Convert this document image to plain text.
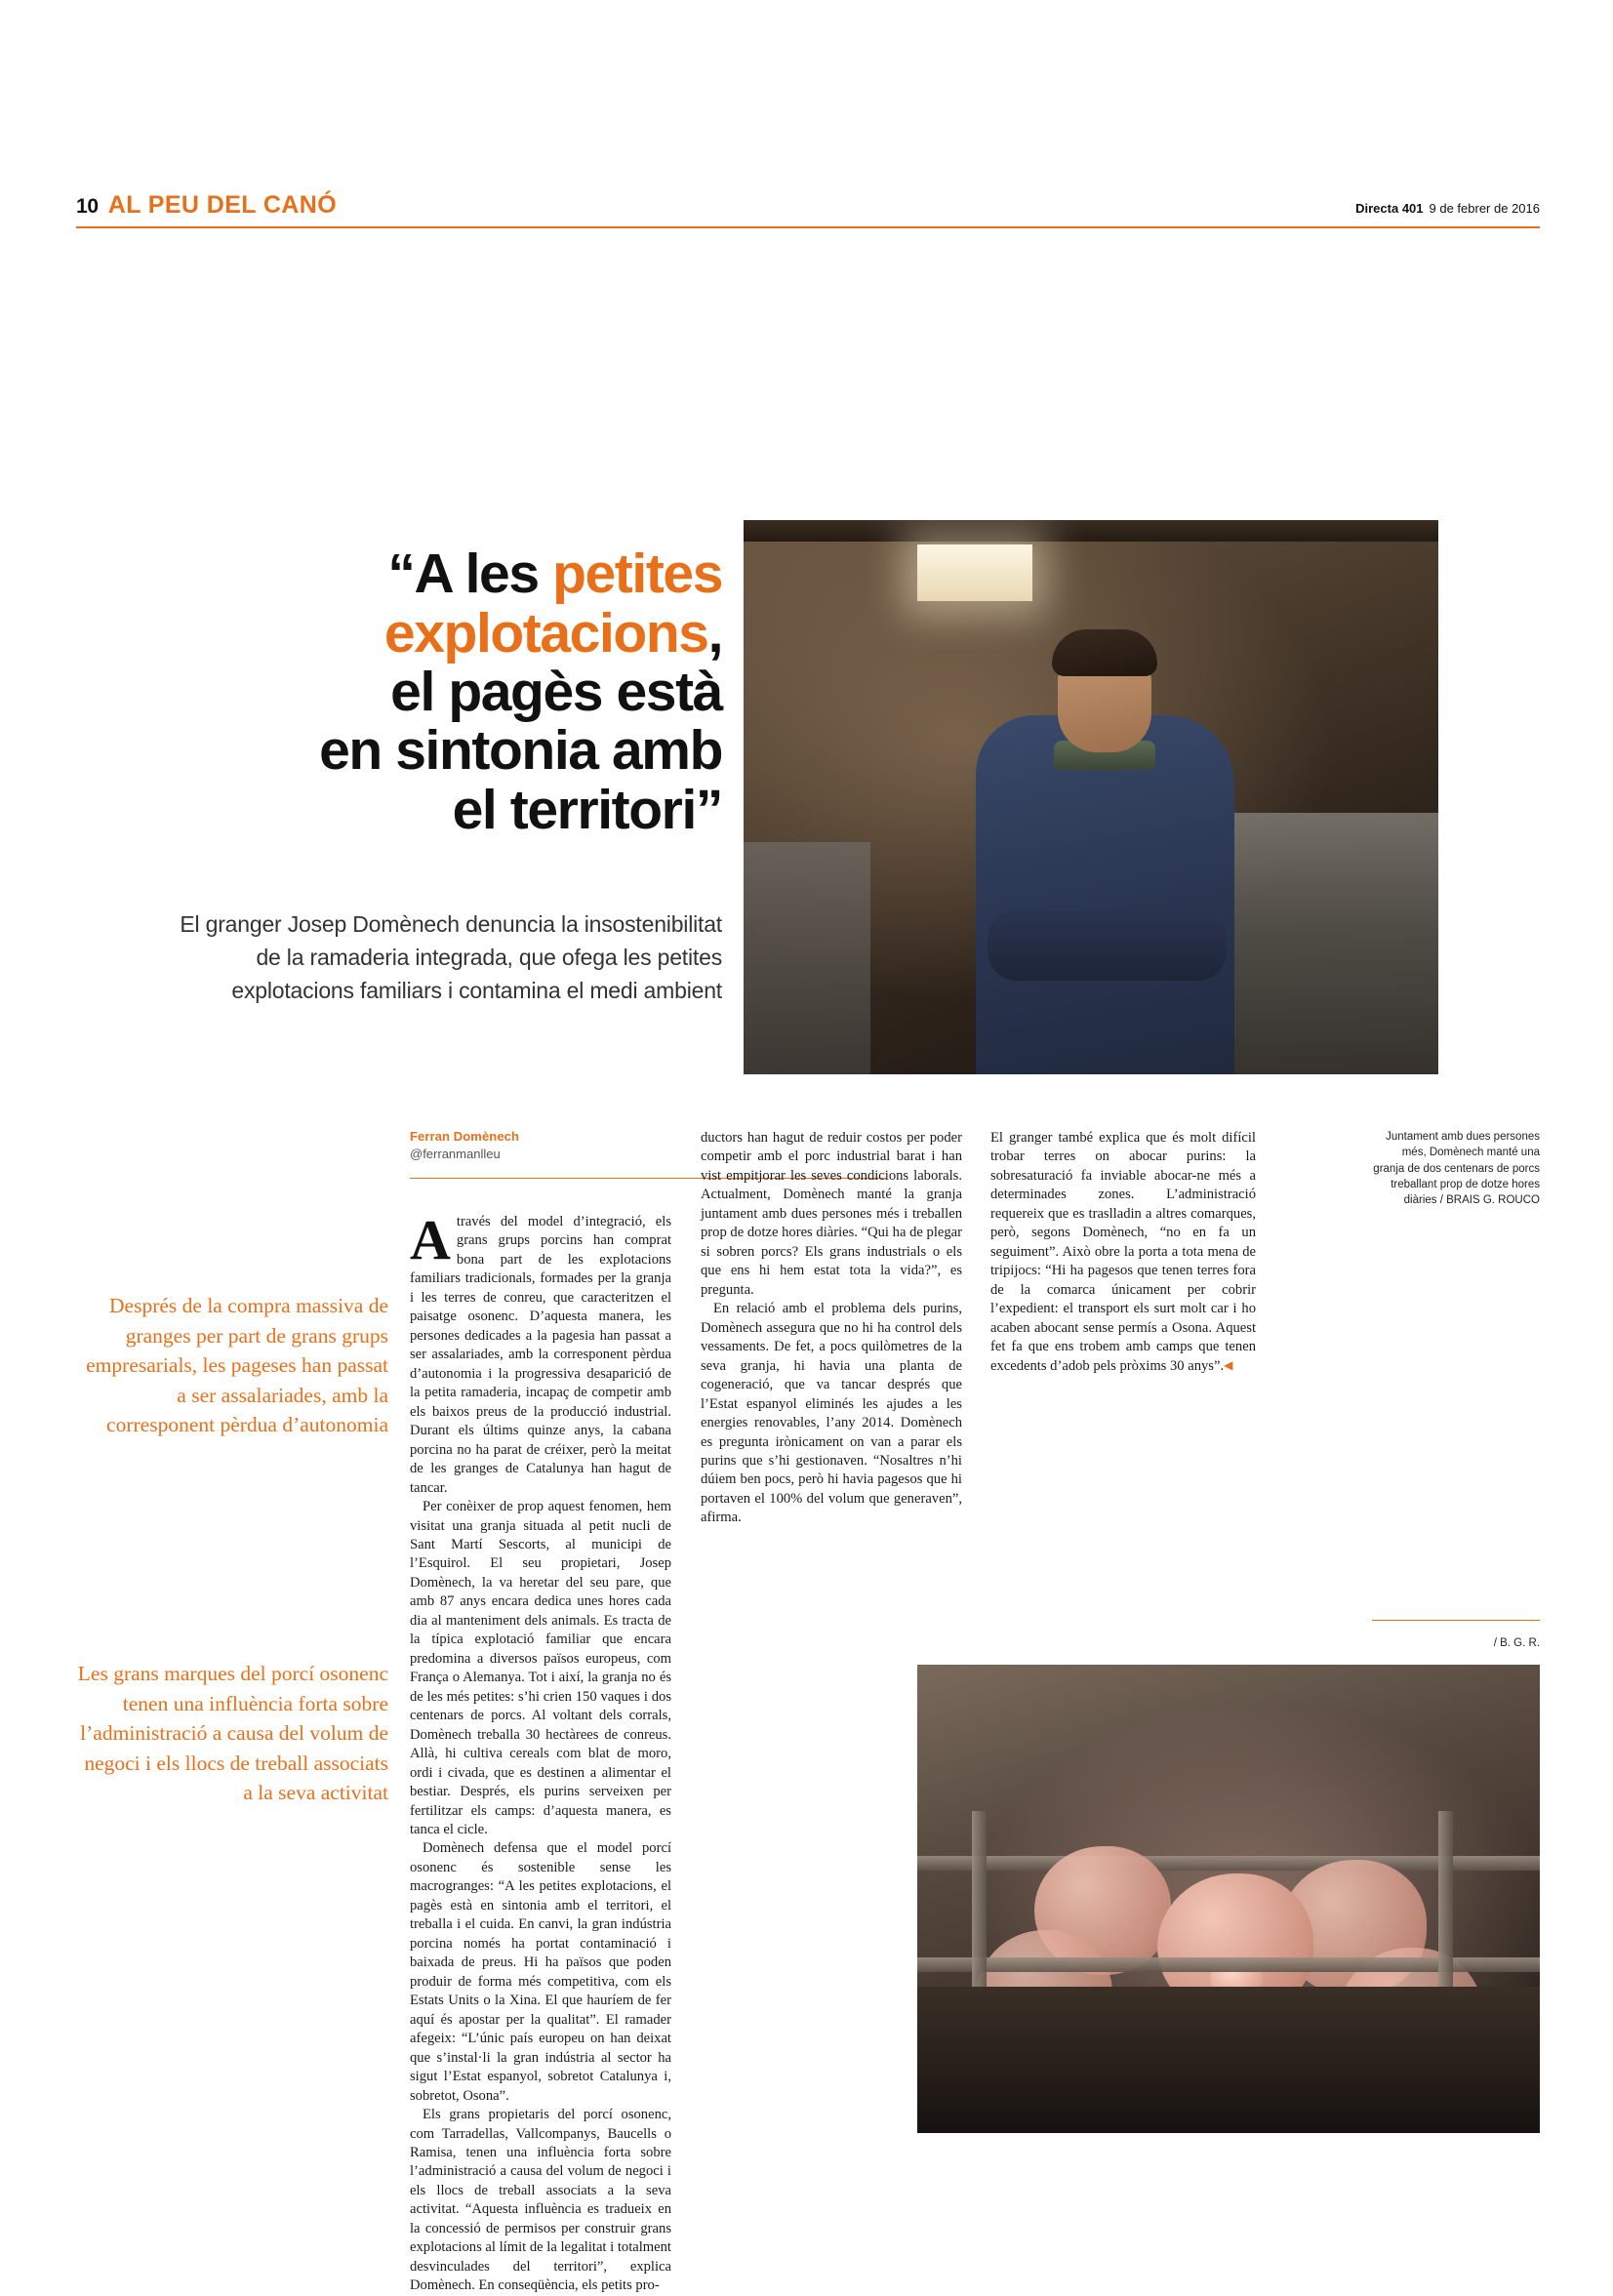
10 AL PEU DEL CANÓ	Directa 401 9 de febrer de 2016
“A les petites
explotacions,
el pagès està
en sintonia amb
el territori”
El granger Josep Domènech denuncia la insostenibilitat de la ramaderia integrada, que ofega les petites explotacions familiars i contamina el medi ambient
Ferran Domènech
@ferranmanlleu
Després de la compra massiva de granges per part de grans grups empresarials, les pageses han passat a ser assalariades, amb la corresponent pèrdua d’autonomia
Les grans marques del porcí osonenc tenen una influència forta sobre l’administració a causa del volum de negoci i els llocs de treball associats a la seva activitat

Através del model d’integració, els grans grups porcins han comprat bona part de les explotacions familiars tradicionals, formades per la granja i les terres de conreu, que caracteritzen el paisatge osonenc. D’aquesta manera, les persones dedicades a la pagesia han passat a ser assalariades, amb la corresponent pèrdua d’autonomia i la progressiva desaparició de la petita ramaderia, incapaç de competir amb els baixos preus de la producció industrial. Durant els últims quinze anys, la cabana porcina no ha parat de créixer, però la meitat de les granges de Catalunya han hagut de tancar.

Per conèixer de prop aquest fenomen, hem visitat una granja situada al petit nucli de Sant Martí Sescorts, al municipi de l’Esquirol. El seu propietari, Josep Domènech, la va heretar del seu pare, que amb 87 anys encara dedica unes hores cada dia al manteniment dels animals. Es tracta de la típica explotació familiar que encara predomina a diversos països europeus, com França o Alemanya. Tot i així, la granja no és de les més petites: s’hi crien 150 vaques i dos centenars de porcs. Al voltant dels corrals, Domènech treballa 30 hectàrees de conreus. Allà, hi cultiva cereals com blat de moro, ordi i civada, que es destinen a alimentar el bestiar. Després, els purins serveixen per fertilitzar els camps: d’aquesta manera, es tanca el cicle.

Domènech defensa que el model porcí osonenc és sostenible sense les macrogranges: “A les petites explotacions, el pagès està en sintonia amb el territori, el treballa i el cuida. En canvi, la gran indústria porcina només ha portat contaminació i baixada de preus. Hi ha països que poden produir de forma més competitiva, com els Estats Units o la Xina. El que hauríem de fer aquí és apostar per la qualitat”. El ramader afegeix: “L’únic país europeu on han deixat que s’instal·li la gran indústria al sector ha sigut l’Estat espanyol, sobretot Catalunya i, sobretot, Osona”.

Els grans propietaris del porcí osonenc, com Tarradellas, Vallcompanys, Baucells o Ramisa, tenen una influència forta sobre l’administració a causa del volum de negoci i els llocs de treball associats a la seva activitat. “Aquesta influència es tradueix en la concessió de permisos per construir grans explotacions al límit de la legalitat i totalment desvinculades del territori”, explica Domènech. En conseqüència, els petits pro-

ductors han hagut de reduir costos per poder competir amb el porc industrial barat i han vist empitjorar les seves condicions laborals. Actualment, Domènech manté la granja juntament amb dues persones més i treballen prop de dotze hores diàries. “Qui ha de plegar si sobren porcs? Els grans industrials o els que ens hi hem estat tota la vida?”, es pregunta.

En relació amb el problema dels purins, Domènech assegura que no hi ha control dels vessaments. De fet, a pocs quilòmetres de la seva granja, hi havia una planta de cogeneració, que va tancar després que l’Estat espanyol eliminés les ajudes a les energies renovables, l’any 2014. Domènech es pregunta irònicament on van a parar els purins que s’hi gestionaven. “Nosaltres n’hi dúiem ben pocs, però hi havia pagesos que hi portaven el 100% del volum que generaven”, afirma.

El granger també explica que és molt difícil trobar terres on abocar purins: la sobresaturació fa inviable abocar-ne més a determinades zones. L’administració requereix que es traslladin a altres comarques, però, segons Domènech, “no en fa un seguiment”. Això obre la porta a tota mena de tripijocs: “Hi ha pagesos que tenen terres fora de la comarca únicament per cobrir l’expedient: el transport els surt molt car i ho acaben abocant sense permís a Osona. Aquest fet fa que ens trobem amb camps que tenen excedents d’adob pels pròxims 30 anys”.◀

Juntament amb dues persones més, Domènech manté una granja de dos centenars de porcs treballant prop de dotze hores diàries / BRAIS G. ROUCO
/ B. G. R.
